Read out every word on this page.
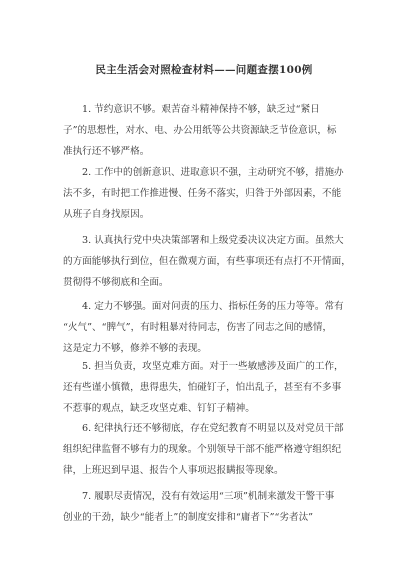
民主生活会对照检查材料——问题查摆100例

1. 节约意识不够。艰苦奋斗精神保持不够，缺乏过“紧日
子”的思想性，对水、电、办公用纸等公共资源缺乏节俭意识，标
准执行还不够严格。

2. 工作中的创新意识、进取意识不强，主动研究不够，措施办
法不多，有时把工作推进慢、任务不落实，归咎于外部因素，不能
从班子自身找原因。

3. 认真执行党中央决策部署和上级党委决议决定方面。虽然大
的方面能够执行到位，但在微观方面，有些事项还有点打不开情面，
贯彻得不够彻底和全面。

4. 定力不够强。面对问责的压力、指标任务的压力等等。常有
“火气”、“脾气”，有时粗暴对待同志，伤害了同志之间的感情，
这是定力不够，修养不够的表现。

5. 担当负责，攻坚克难方面。对于一些敏感涉及面广的工作，
还有些谨小慎微，患得患失，怕碰钉子，怕出乱子，甚至有不多事
不惹事的观点，缺乏攻坚克难、钉钉子精神。

6. 纪律执行还不够彻底，存在党纪教育不明显以及对党员干部
组织纪律监督不够有力的现象。个别领导干部不能严格遵守组织纪
律，上班迟到早退、报告个人事项迟报瞒报等现象。

7. 履职尽责情况，没有有效运用“三项”机制来激发干警干事
创业的干劲，缺少“能者上”的制度安排和“庸者下”“劣者汰”
